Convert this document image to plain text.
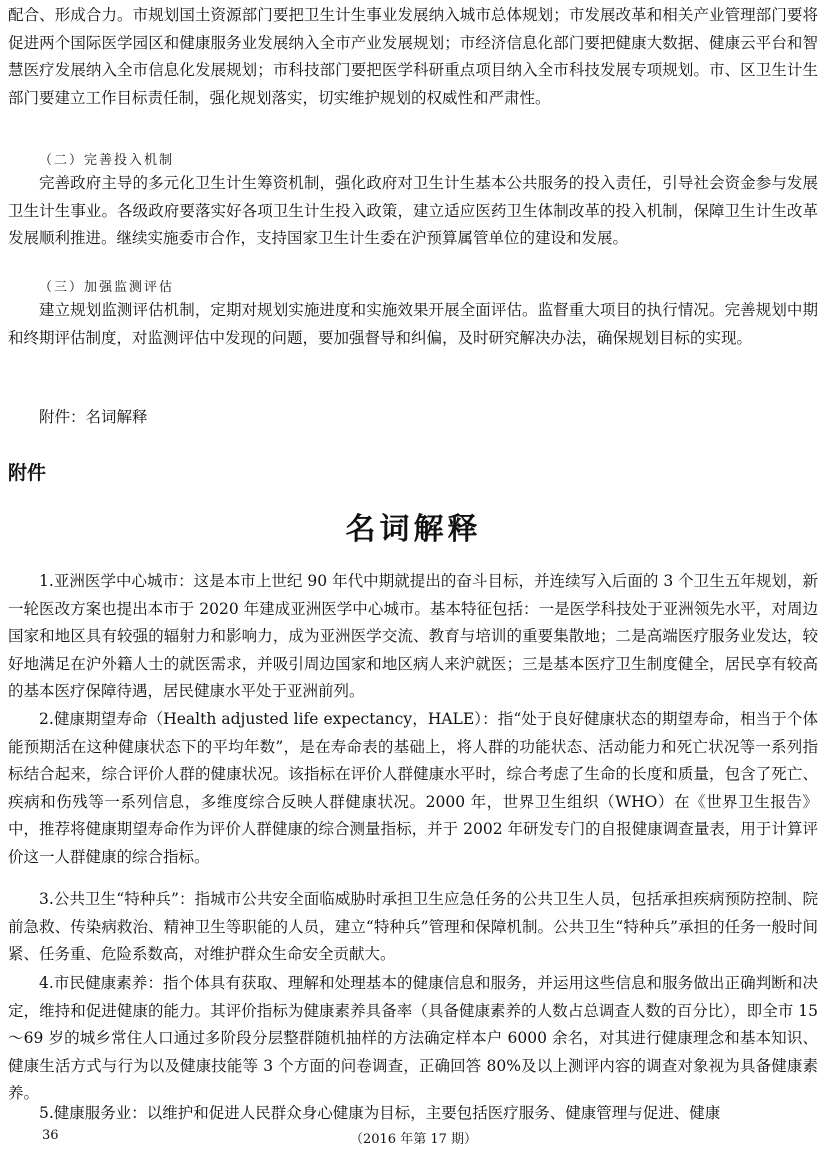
配合、形成合力。市规划国土资源部门要把卫生计生事业发展纳入城市总体规划；市发展改革和相关产业管理部门要将促进两个国际医学园区和健康服务业发展纳入全市产业发展规划；市经济信息化部门要把健康大数据、健康云平台和智慧医疗发展纳入全市信息化发展规划；市科技部门要把医学科研重点项目纳入全市科技发展专项规划。市、区卫生计生部门要建立工作目标责任制，强化规划落实，切实维护规划的权威性和严肃性。

（二）完善投入机制

完善政府主导的多元化卫生计生筹资机制，强化政府对卫生计生基本公共服务的投入责任，引导社会资金参与发展卫生计生事业。各级政府要落实好各项卫生计生投入政策，建立适应医药卫生体制改革的投入机制，保障卫生计生改革发展顺利推进。继续实施委市合作，支持国家卫生计生委在沪预算属管单位的建设和发展。

（三）加强监测评估

建立规划监测评估机制，定期对规划实施进度和实施效果开展全面评估。监督重大项目的执行情况。完善规划中期和终期评估制度，对监测评估中发现的问题，要加强督导和纠偏，及时研究解决办法，确保规划目标的实现。

附件：名词解释

附件

名词解释

1.亚洲医学中心城市：这是本市上世纪 90 年代中期就提出的奋斗目标，并连续写入后面的 3 个卫生五年规划，新一轮医改方案也提出本市于 2020 年建成亚洲医学中心城市。基本特征包括：一是医学科技处于亚洲领先水平，对周边国家和地区具有较强的辐射力和影响力，成为亚洲医学交流、教育与培训的重要集散地；二是高端医疗服务业发达，较好地满足在沪外籍人士的就医需求，并吸引周边国家和地区病人来沪就医；三是基本医疗卫生制度健全，居民享有较高的基本医疗保障待遇，居民健康水平处于亚洲前列。

2.健康期望寿命（Health adjusted life expectancy，HALE）：指“处于良好健康状态的期望寿命，相当于个体能预期活在这种健康状态下的平均年数”，是在寿命表的基础上，将人群的功能状态、活动能力和死亡状况等一系列指标结合起来，综合评价人群的健康状况。该指标在评价人群健康水平时，综合考虑了生命的长度和质量，包含了死亡、疾病和伤残等一系列信息，多维度综合反映人群健康状况。2000 年，世界卫生组织（WHO）在《世界卫生报告》中，推荐将健康期望寿命作为评价人群健康的综合测量指标，并于 2002 年研发专门的自报健康调查量表，用于计算评价这一人群健康的综合指标。

3.公共卫生“特种兵”：指城市公共安全面临威胁时承担卫生应急任务的公共卫生人员，包括承担疾病预防控制、院前急救、传染病救治、精神卫生等职能的人员，建立“特种兵”管理和保障机制。公共卫生“特种兵”承担的任务一般时间紧、任务重、危险系数高，对维护群众生命安全贡献大。

4.市民健康素养：指个体具有获取、理解和处理基本的健康信息和服务，并运用这些信息和服务做出正确判断和决定，维持和促进健康的能力。其评价指标为健康素养具备率（具备健康素养的人数占总调查人数的百分比），即全市 15～69 岁的城乡常住人口通过多阶段分层整群随机抽样的方法确定样本户 6000 余名，对其进行健康理念和基本知识、健康生活方式与行为以及健康技能等 3 个方面的问卷调查，正确回答 80%及以上测评内容的调查对象视为具备健康素养。

5.健康服务业：以维护和促进人民群众身心健康为目标，主要包括医疗服务、健康管理与促进、健康

36	（2016 年第 17 期）
